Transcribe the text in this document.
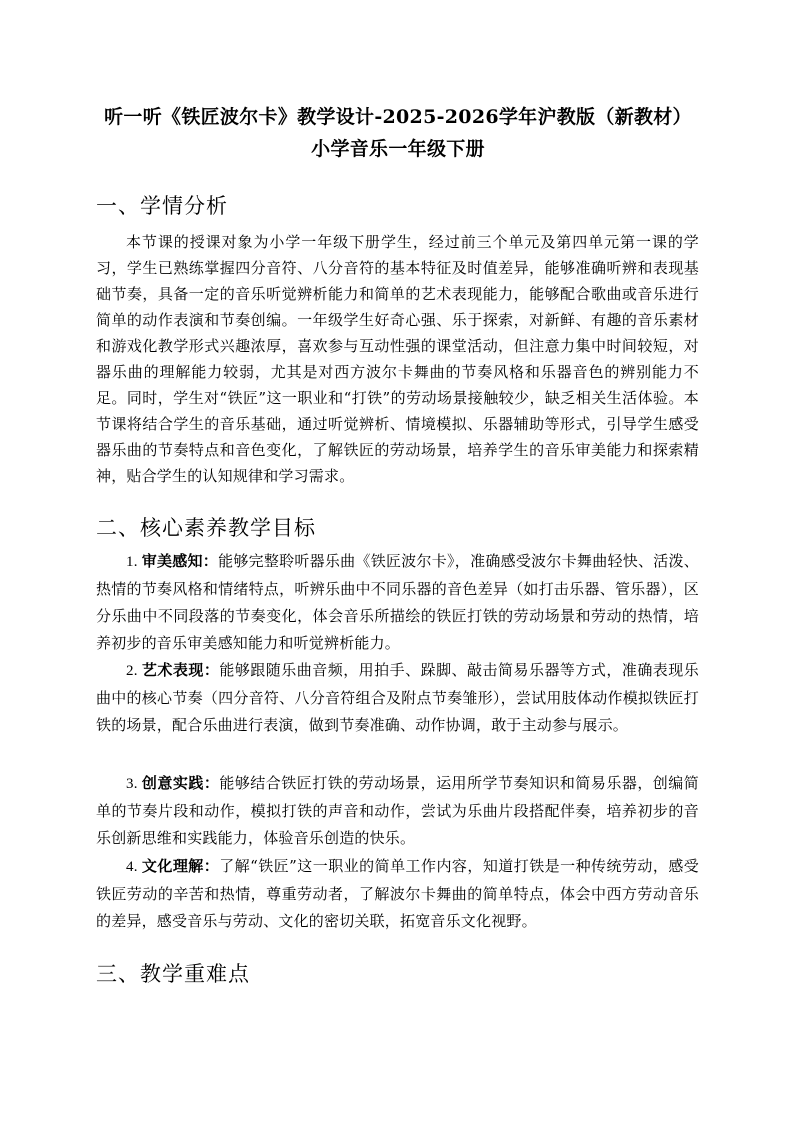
听一听《铁匠波尔卡》教学设计-2025-2026学年沪教版（新教材）小学音乐一年级下册
一、学情分析
本节课的授课对象为小学一年级下册学生，经过前三个单元及第四单元第一课的学习，学生已熟练掌握四分音符、八分音符的基本特征及时值差异，能够准确听辨和表现基础节奏，具备一定的音乐听觉辨析能力和简单的艺术表现能力，能够配合歌曲或音乐进行简单的动作表演和节奏创编。一年级学生好奇心强、乐于探索，对新鲜、有趣的音乐素材和游戏化教学形式兴趣浓厚，喜欢参与互动性强的课堂活动，但注意力集中时间较短，对器乐曲的理解能力较弱，尤其是对西方波尔卡舞曲的节奏风格和乐器音色的辨别能力不足。同时，学生对“铁匠”这一职业和“打铁”的劳动场景接触较少，缺乏相关生活体验。本节课将结合学生的音乐基础，通过听觉辨析、情境模拟、乐器辅助等形式，引导学生感受器乐曲的节奏特点和音色变化，了解铁匠的劳动场景，培养学生的音乐审美能力和探索精神，贴合学生的认知规律和学习需求。
二、核心素养教学目标
1. 审美感知：能够完整聆听器乐曲《铁匠波尔卡》，准确感受波尔卡舞曲轻快、活泼、热情的节奏风格和情绪特点，听辨乐曲中不同乐器的音色差异（如打击乐器、管乐器），区分乐曲中不同段落的节奏变化，体会音乐所描绘的铁匠打铁的劳动场景和劳动的热情，培养初步的音乐审美感知能力和听觉辨析能力。
2. 艺术表现：能够跟随乐曲音频，用拍手、跺脚、敲击简易乐器等方式，准确表现乐曲中的核心节奏（四分音符、八分音符组合及附点节奏雏形），尝试用肢体动作模拟铁匠打铁的场景，配合乐曲进行表演，做到节奏准确、动作协调，敢于主动参与展示。
3. 创意实践：能够结合铁匠打铁的劳动场景，运用所学节奏知识和简易乐器，创编简单的节奏片段和动作，模拟打铁的声音和动作，尝试为乐曲片段搭配伴奏，培养初步的音乐创新思维和实践能力，体验音乐创造的快乐。
4. 文化理解：了解“铁匠”这一职业的简单工作内容，知道打铁是一种传统劳动，感受铁匠劳动的辛苦和热情，尊重劳动者，了解波尔卡舞曲的简单特点，体会中西方劳动音乐的差异，感受音乐与劳动、文化的密切关联，拓宽音乐文化视野。
三、教学重难点
